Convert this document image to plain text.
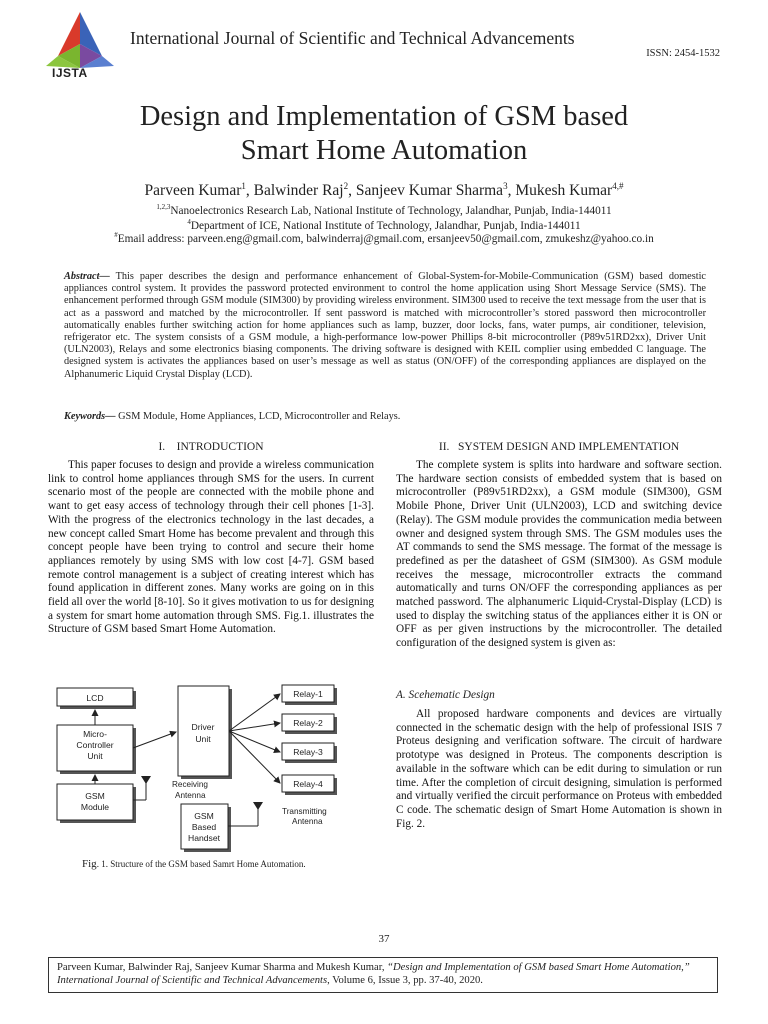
IJSTA
International Journal of Scientific and Technical Advancements
ISSN: 2454-1532
Design and Implementation of GSM based
Smart Home Automation
Parveen Kumar$^1$, Balwinder Raj$^2$, Sanjeev Kumar Sharma$^3$, Mukesh Kumar$^{4,\#}$
$^{1,2,3}$Nanoelectronics Research Lab, National Institute of Technology, Jalandhar, Punjab, India-144011
$^4$Department of ICE, National Institute of Technology, Jalandhar, Punjab, India-144011
#Email address: parveen.eng@gmail.com, balwinderraj@gmail.com, ersanjeev50@gmail.com, zmukeshz@yahoo.co.in
Abstract— This paper describes the design and performance enhancement of Global-System-for-Mobile-Communication (GSM) based domestic appliances control system. It provides the password protected environment to control the home application using Short Message Service (SMS). The enhancement performed through GSM module (SIM300) by providing wireless environment. SIM300 used to receive the text message from the user that is act as a password and matched by the microcontroller. If sent password is matched with microcontroller’s stored password then microcontroller automatically enables further switching action for home appliances such as lamp, buzzer, door locks, fans, water pumps, air conditioner, television, refrigerator etc. The system consists of a GSM module, a high-performance low-power Phillips 8-bit microcontroller (P89v51RD2xx), Driver Unit (ULN2003), Relays and some electronics biasing components. The driving software is designed with KEIL complier using embedded C language. The designed system is activates the appliances based on user’s message as well as status (ON/OFF) of the corresponding appliances are displayed on the Alphanumeric Liquid Crystal Display (LCD).
Keywords— GSM Module, Home Appliances, LCD, Microcontroller and Relays.
I. INTRODUCTION

This paper focuses to design and provide a wireless communication link to control home appliances through SMS for the users. In current scenario most of the people are connected with the mobile phone and want to get easy access of technology through their cell phones [1-3]. With the progress of the electronics technology in the last decades, a new concept called Smart Home has become prevalent and through this concept people have been trying to control and secure their home appliances remotely by using SMS with low cost [4-7]. GSM based remote control management is a subject of creating interest which has found application in different zones. Many works are going on in this field all over the world [8-10]. So it gives motivation to us for designing a system for smart home automation through SMS. Fig.1. illustrates the Structure of GSM based Smart Home Automation.

LCD
Micro-
Controller
Unit
GSM
Module
Driver
Unit
Relay-1
Relay-2
Relay-3
Relay-4
GSM
Based
Handset
Receiving
Antenna
Transmitting
Antenna
Fig. 1. Structure of the GSM based Samrt Home Automation.
II. SYSTEM DESIGN AND IMPLEMENTATION

The complete system is splits into hardware and software section. The hardware section consists of embedded system that is based on microcontroller (P89v51RD2xx), a GSM module (SIM300), GSM Mobile Phone, Driver Unit (ULN2003), LCD and switching device (Relay). The GSM module provides the communication media between owner and designed system through SMS. The GSM modules uses the AT commands to send the SMS message. The format of the message is predefined as per the datasheet of GSM (SIM300). As GSM module receives the message, microcontroller extracts the command automatically and turns ON/OFF the corresponding appliances as per matched password. The alphanumeric Liquid-Crystal-Display (LCD) is used to display the switching status of the appliances either it is ON or OFF as per given instructions by the microcontroller. The detailed configuration of the designed system is given as:

A. Scehematic Design

All proposed hardware components and devices are virtually connected in the schematic design with the help of professional ISIS 7 Proteus designing and verification software. The circuit of hardware prototype was designed in Proteus. The components description is available in the software which can be edit during to simulation or run time. After the completion of circuit designing, simulation is performed and virtually verified the circuit performance on Proteus with embedded C code. The schematic design of Smart Home Automation is shown in Fig. 2.

37
Parveen Kumar, Balwinder Raj, Sanjeev Kumar Sharma and Mukesh Kumar, “Design and Implementation of GSM based Smart Home Automation,” International Journal of Scientific and Technical Advancements, Volume 6, Issue 3, pp. 37-40, 2020.
